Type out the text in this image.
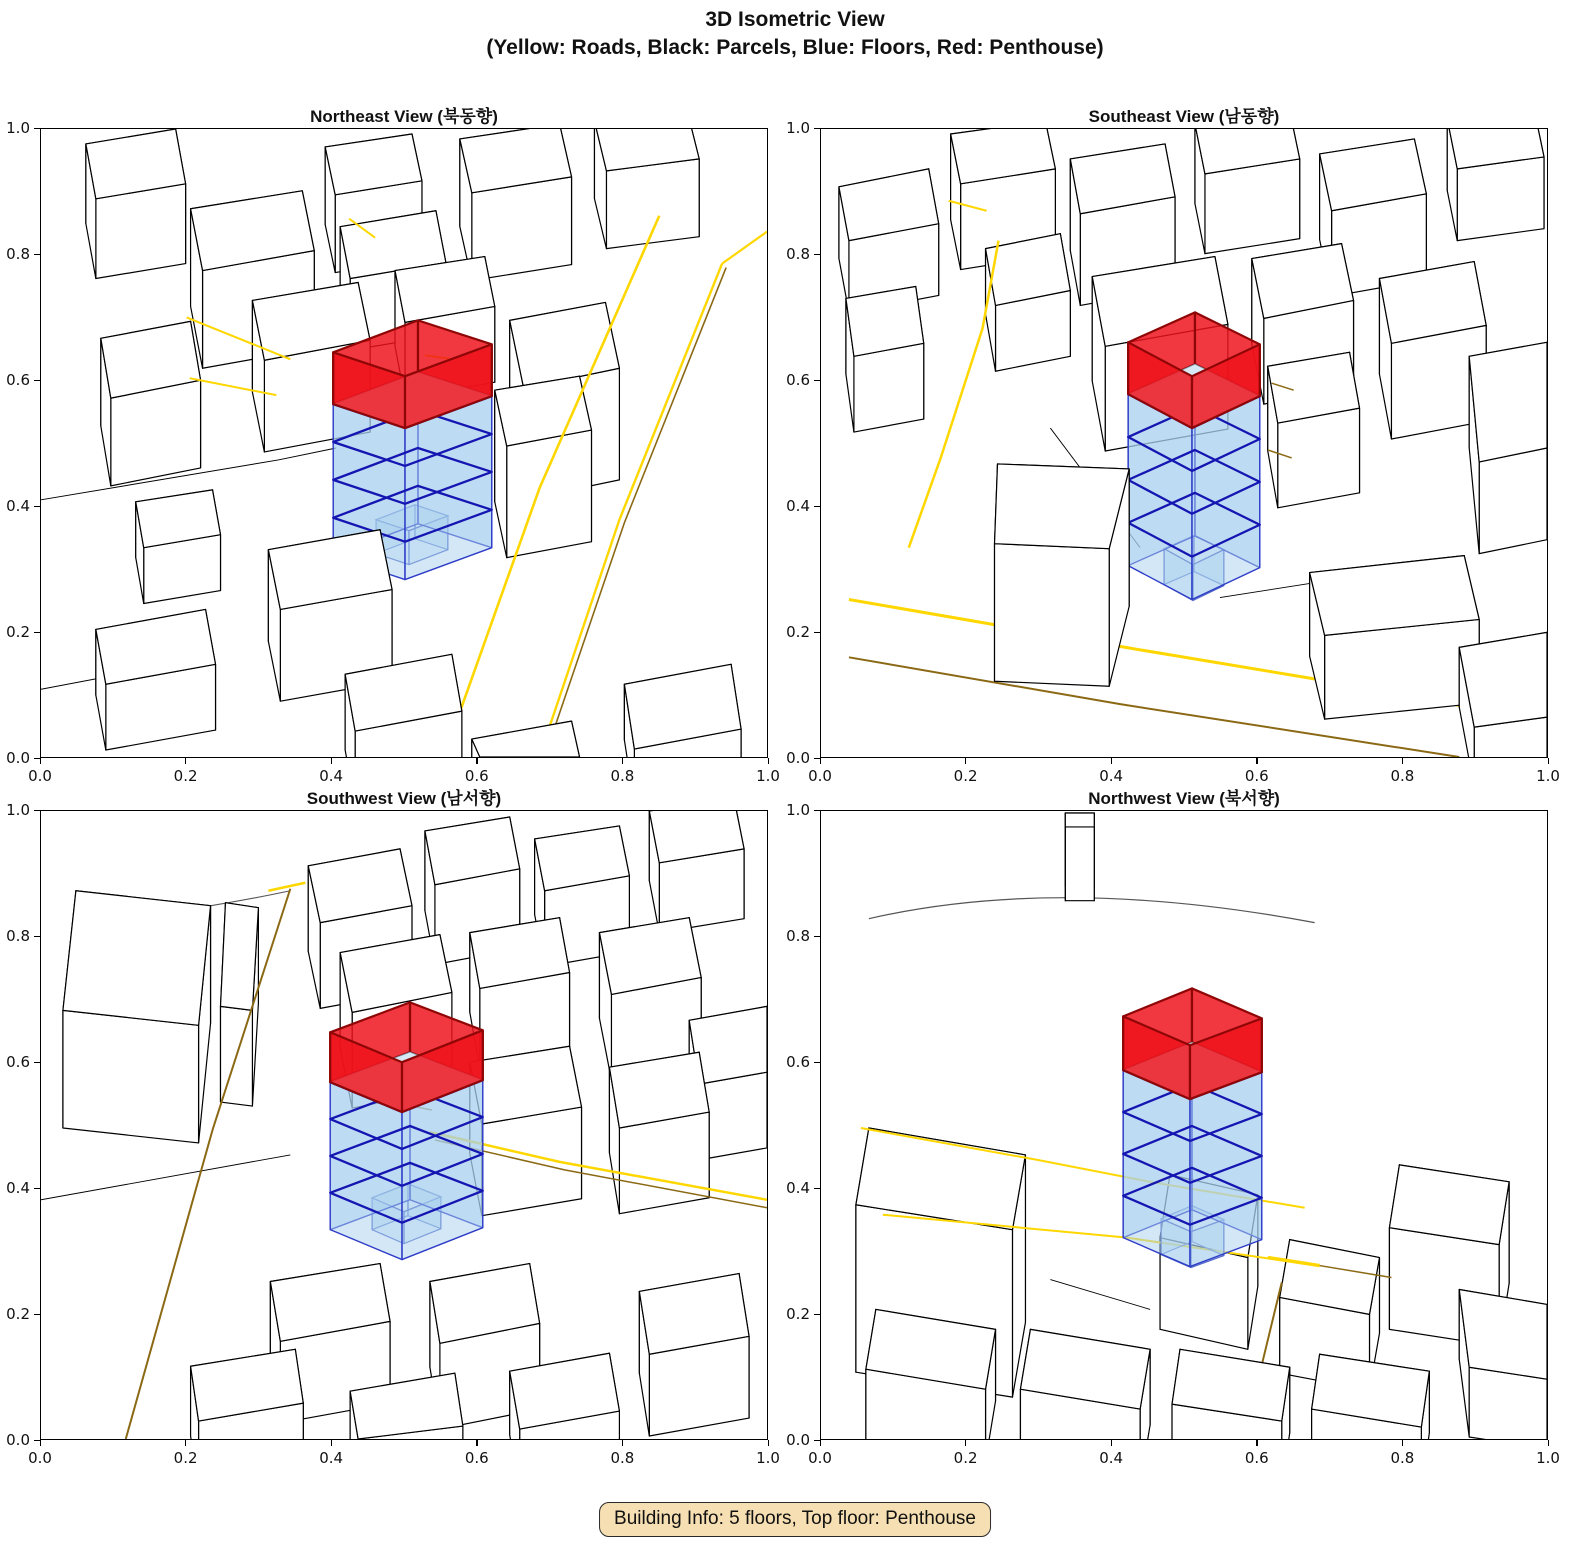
3D Isometric View
(Yellow: Roads, Black: Parcels, Blue: Floors, Red: Penthouse)
Northeast View (북동향)	Southeast View (남동향)
Southwest View (남서향)	Northwest View (북서향)
Building Info: 5 floors, Top floor: Penthouse
0.0	0.2	0.4	0.6	0.8	1.0
0.0
0.2
0.4
0.6
0.8
1.0
0.0	0.2	0.4	0.6	0.8	1.0
0.0
0.2
0.4
0.6
0.8
1.0
0.0	0.2	0.4	0.6	0.8	1.0
0.0
0.2
0.4
0.6
0.8
1.0
0.0	0.2	0.4	0.6	0.8	1.0
0.0
0.2
0.4
0.6
0.8
1.0
